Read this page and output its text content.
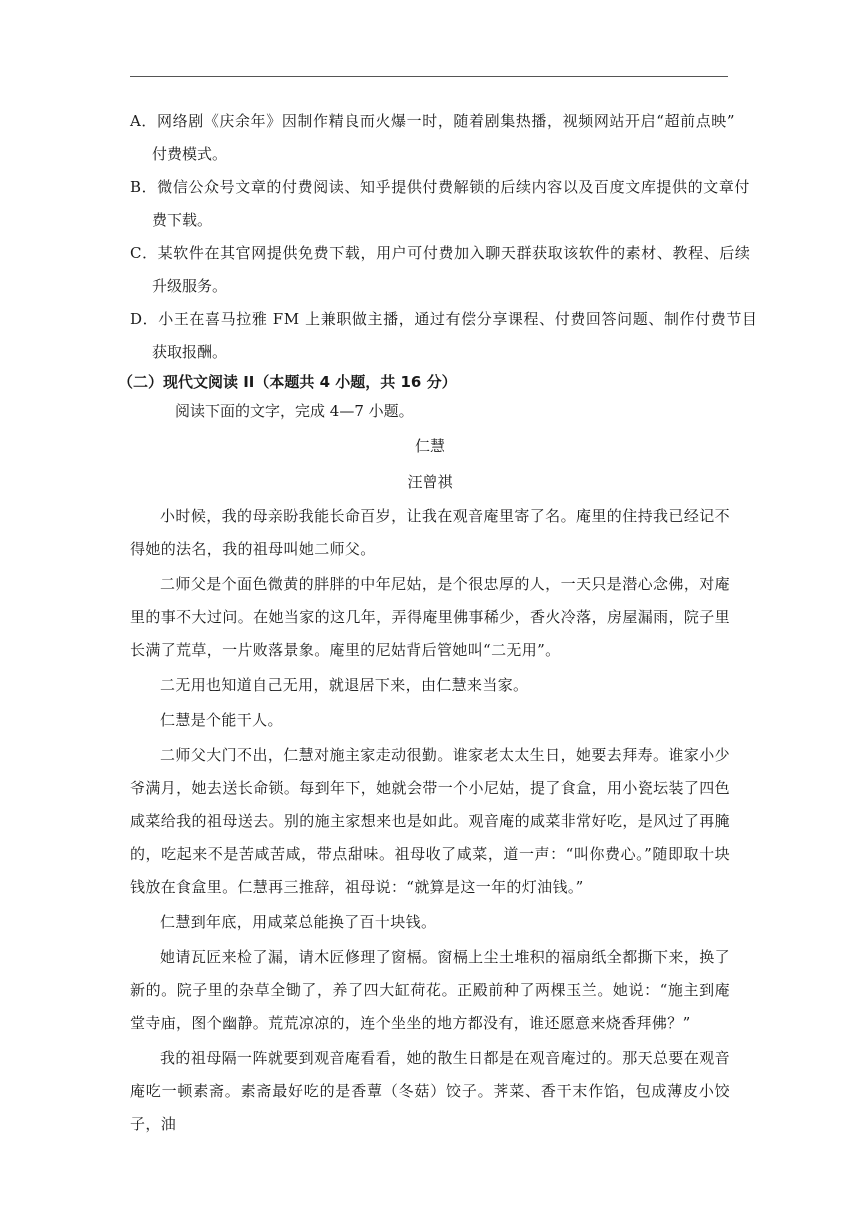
A．网络剧《庆余年》因制作精良而火爆一时，随着剧集热播，视频网站开启“超前点映”
付费模式。
B．微信公众号文章的付费阅读、知乎提供付费解锁的后续内容以及百度文库提供的文章付
费下载。
C．某软件在其官网提供免费下载，用户可付费加入聊天群获取该软件的素材、教程、后续
升级服务。
D．小王在喜马拉雅 FM 上兼职做主播，通过有偿分享课程、付费回答问题、制作付费节目
获取报酬。

（二）现代文阅读 II（本题共 4 小题，共 16 分）

阅读下面的文字，完成 4—7 小题。

仁慧

汪曾祺

小时候，我的母亲盼我能长命百岁，让我在观音庵里寄了名。庵里的住持我已经记不得她的法名，我的祖母叫她二师父。

二师父是个面色微黄的胖胖的中年尼姑，是个很忠厚的人，一天只是潜心念佛，对庵里的事不大过问。在她当家的这几年，弄得庵里佛事稀少，香火冷落，房屋漏雨，院子里长满了荒草，一片败落景象。庵里的尼姑背后管她叫“二无用”。

二无用也知道自己无用，就退居下来，由仁慧来当家。

仁慧是个能干人。

二师父大门不出，仁慧对施主家走动很勤。谁家老太太生日，她要去拜寿。谁家小少爷满月，她去送长命锁。每到年下，她就会带一个小尼姑，提了食盒，用小瓷坛装了四色咸菜给我的祖母送去。别的施主家想来也是如此。观音庵的咸菜非常好吃，是风过了再腌的，吃起来不是苦咸苦咸，带点甜味。祖母收了咸菜，道一声：“叫你费心。”随即取十块钱放在食盒里。仁慧再三推辞，祖母说：“就算是这一年的灯油钱。”

仁慧到年底，用咸菜总能换了百十块钱。

她请瓦匠来检了漏，请木匠修理了窗槅。窗槅上尘土堆积的福扇纸全都撕下来，换了新的。院子里的杂草全锄了，养了四大缸荷花。正殿前种了两棵玉兰。她说：“施主到庵堂寺庙，图个幽静。荒荒凉凉的，连个坐坐的地方都没有，谁还愿意来烧香拜佛？”

我的祖母隔一阵就要到观音庵看看，她的散生日都是在观音庵过的。那天总要在观音庵吃一顿素斋。素斋最好吃的是香蕈（冬菇）饺子。荠菜、香干末作馅，包成薄皮小饺子，油
